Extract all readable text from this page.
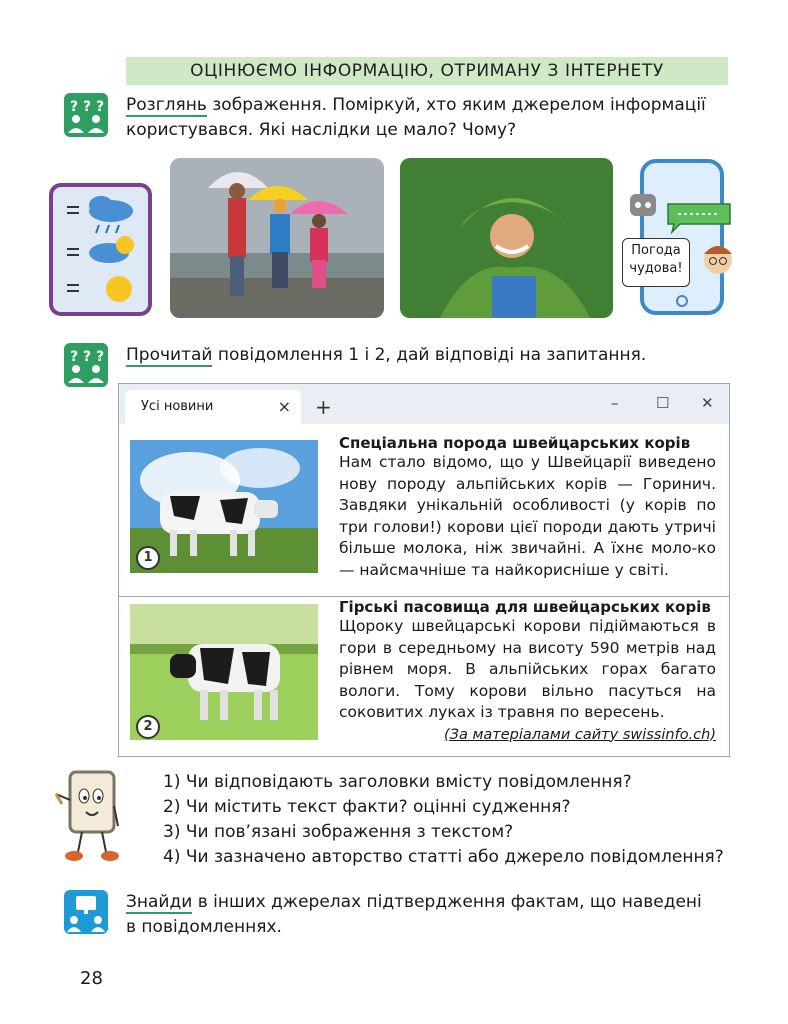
ОЦІНЮЄМО ІНФОРМАЦІЮ, ОТРИМАНУ З ІНТЕРНЕТУ
? ? ? Розглянь зображення. Поміркуй, хто яким джерелом інформації
користувався. Які наслідки це мало? Чому?
Погода
чудова!
? ? ? Прочитай повідомлення 1 і 2, дай відповіді на запитання.
Усі новини	× +	–	☐ ✕
1
Спеціальна порода швейцарських корів
Нам стало відомо, що у Швейцарії виведено нову породу альпійських корів — Горинич. Завдяки унікальній особливості (у корів по три голови!) корови цієї породи дають утричі більше молока, ніж звичайні. А їхнє моло-ко — найсмачніше та найкорисніше у світі.
2
Гірські пасовища для швейцарських корів
Щороку швейцарські корови підіймаються в гори в середньому на висоту 590 метрів над рівнем моря. В альпійських горах багато вологи. Тому корови вільно пасуться на соковитих луках із травня по вересень.
(За матеріалами сайту swissinfo.ch)
1) Чи відповідають заголовки вмісту повідомлення?
2) Чи містить текст факти? оцінні судження?
3) Чи пов’язані зображення з текстом?
4) Чи зазначено авторство статті або джерело повідомлення?
Знайди в інших джерелах підтвердження фактам, що наведені
в повідомленнях.
28
